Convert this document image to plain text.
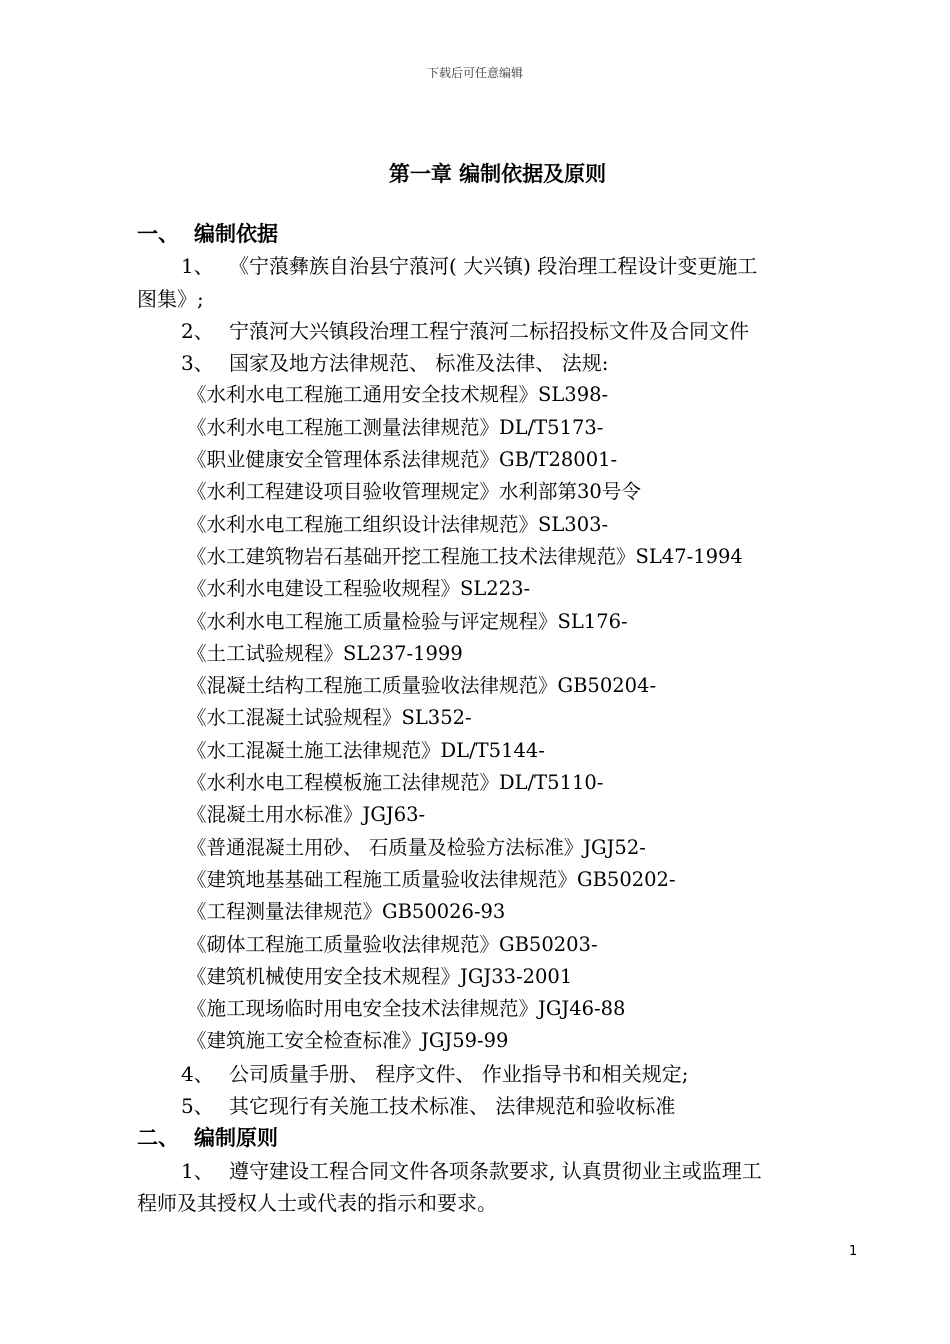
下载后可任意编辑
第一章 编制依据及原则
一、 编制依据
1、 《宁蒗彝族自治县宁蒗河( 大兴镇) 段治理工程设计变更施工
图集》;
2、 宁蒗河大兴镇段治理工程宁蒗河二标招投标文件及合同文件
3、 国家及地方法律规范、 标准及法律、 法规:
《水利水电工程施工通用安全技术规程》SL398-
《水利水电工程施工测量法律规范》DL/T5173-
《职业健康安全管理体系法律规范》GB/T28001-
《水利工程建设项目验收管理规定》水利部第30号令
《水利水电工程施工组织设计法律规范》SL303-
《水工建筑物岩石基础开挖工程施工技术法律规范》SL47-1994
《水利水电建设工程验收规程》SL223-
《水利水电工程施工质量检验与评定规程》SL176-
《土工试验规程》SL237-1999
《混凝土结构工程施工质量验收法律规范》GB50204-
《水工混凝土试验规程》SL352-
《水工混凝土施工法律规范》DL/T5144-
《水利水电工程模板施工法律规范》DL/T5110-
《混凝土用水标准》JGJ63-
《普通混凝土用砂、 石质量及检验方法标准》JGJ52-
《建筑地基基础工程施工质量验收法律规范》GB50202-
《工程测量法律规范》GB50026-93
《砌体工程施工质量验收法律规范》GB50203-
《建筑机械使用安全技术规程》JGJ33-2001
《施工现场临时用电安全技术法律规范》JGJ46-88
《建筑施工安全检查标准》JGJ59-99
4、 公司质量手册、 程序文件、 作业指导书和相关规定;
5、 其它现行有关施工技术标准、 法律规范和验收标准
二、 编制原则
1、 遵守建设工程合同文件各项条款要求, 认真贯彻业主或监理工
程师及其授权人士或代表的指示和要求。
1
